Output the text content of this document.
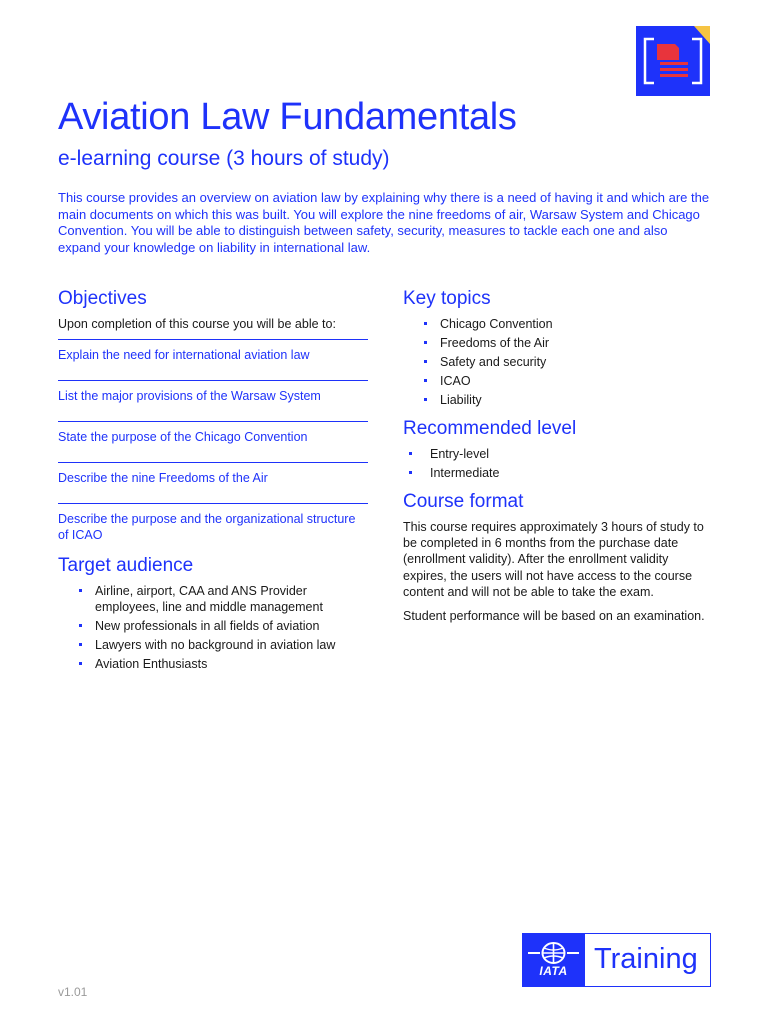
Aviation Law Fundamentals
e-learning course (3 hours of study)

This course provides an overview on aviation law by explaining why there is a need of having it and which are the main documents on which this was built. You will explore the nine freedoms of air, Warsaw System and Chicago Convention. You will be able to distinguish between safety, security, measures to tackle each one and also expand your knowledge on liability in international law.

Objectives
Upon completion of this course you will be able to:
Explain the need for international aviation law
List the major provisions of the Warsaw System
State the purpose of the Chicago Convention
Describe the nine Freedoms of the Air
Describe the purpose and the organizational structure of ICAO
Target audience
Airline, airport, CAA and ANS Provider employees, line and middle management
New professionals in all fields of aviation
Lawyers with no background in aviation law
Aviation Enthusiasts
Key topics
Chicago Convention
Freedoms of the Air
Safety and security
ICAO
Liability
Recommended level
Entry-level
Intermediate
Course format

This course requires approximately 3 hours of study to be completed in 6 months from the purchase date (enrollment validity). After the enrollment validity expires, the users will not have access to the course content and will not be able to take the exam.

Student performance will be based on an examination.

v1.01
IATA Training
